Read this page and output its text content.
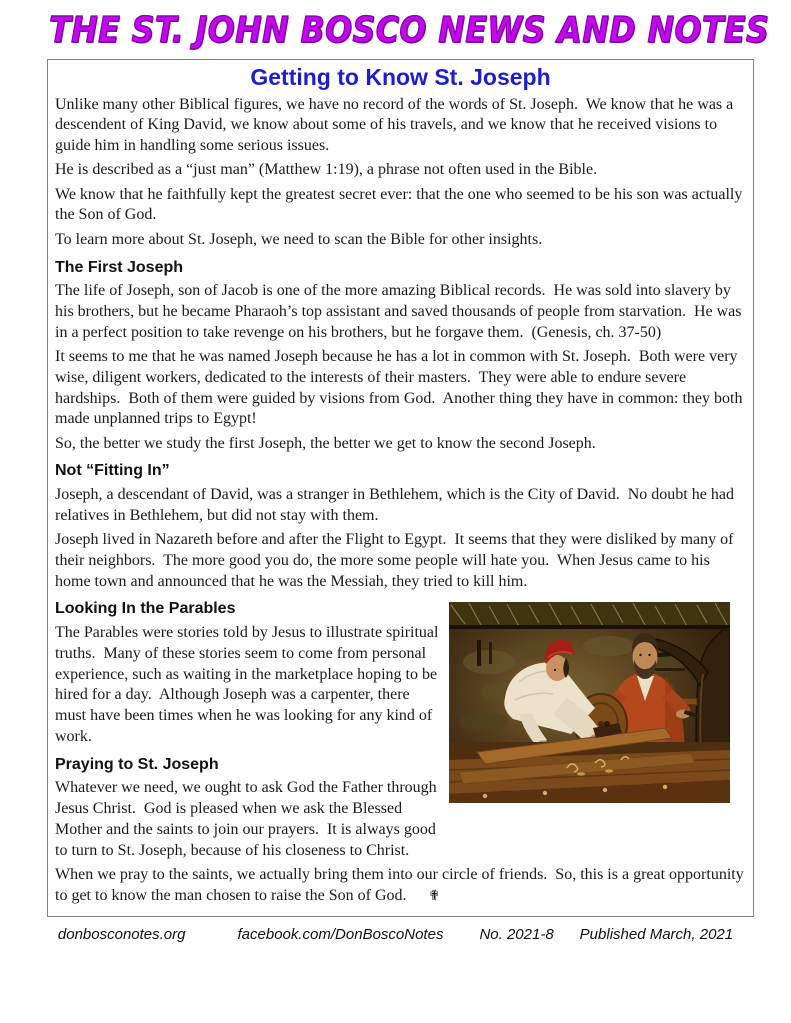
THE ST. JOHN BOSCO NEWS AND NOTES
Getting to Know St. Joseph

Unlike many other Biblical figures, we have no record of the words of St. Joseph.  We know that he was a descendent of King David, we know about some of his travels, and we know that he received visions to guide him in handling some serious issues.

He is described as a “just man” (Matthew 1:19), a phrase not often used in the Bible.

We know that he faithfully kept the greatest secret ever: that the one who seemed to be his son was actually the Son of God.

To learn more about St. Joseph, we need to scan the Bible for other insights.

The First Joseph

The life of Joseph, son of Jacob is one of the more amazing Biblical records.  He was sold into slavery by his brothers, but he became Pharaoh’s top assistant and saved thousands of people from starvation.  He was in a perfect position to take revenge on his brothers, but he forgave them.  (Genesis, ch. 37-50)

It seems to me that he was named Joseph because he has a lot in common with St. Joseph.  Both were very wise, diligent workers, dedicated to the interests of their masters.  They were able to endure severe hardships.  Both of them were guided by visions from God.  Another thing they have in common: they both made unplanned trips to Egypt!

So, the better we study the first Joseph, the better we get to know the second Joseph.

Not “Fitting In”

Joseph, a descendant of David, was a stranger in Bethlehem, which is the City of David.  No doubt he had relatives in Bethlehem, but did not stay with them.

Joseph lived in Nazareth before and after the Flight to Egypt.  It seems that they were disliked by many of their neighbors.  The more good you do, the more some people will hate you.  When Jesus came to his home town and announced that he was the Messiah, they tried to kill him.

Looking In the Parables

The Parables were stories told by Jesus to illustrate spiritual truths.  Many of these stories seem to come from personal experience, such as waiting in the marketplace hoping to be hired for a day.  Although Joseph was a carpenter, there must have been times when he was looking for any kind of work.

Praying to St. Joseph

Whatever we need, we ought to ask God the Father through Jesus Christ.  God is pleased when we ask the Blessed Mother and the saints to join our prayers.  It is always good to turn to St. Joseph, because of his closeness to Christ.

When we pray to the saints, we actually bring them into our circle of friends.  So, this is a great opportunity to get to know the man chosen to raise the Son of God. ✟

donbosconotes.org	facebook.com/DonBoscoNotes No. 2021-8 Published March, 2021
